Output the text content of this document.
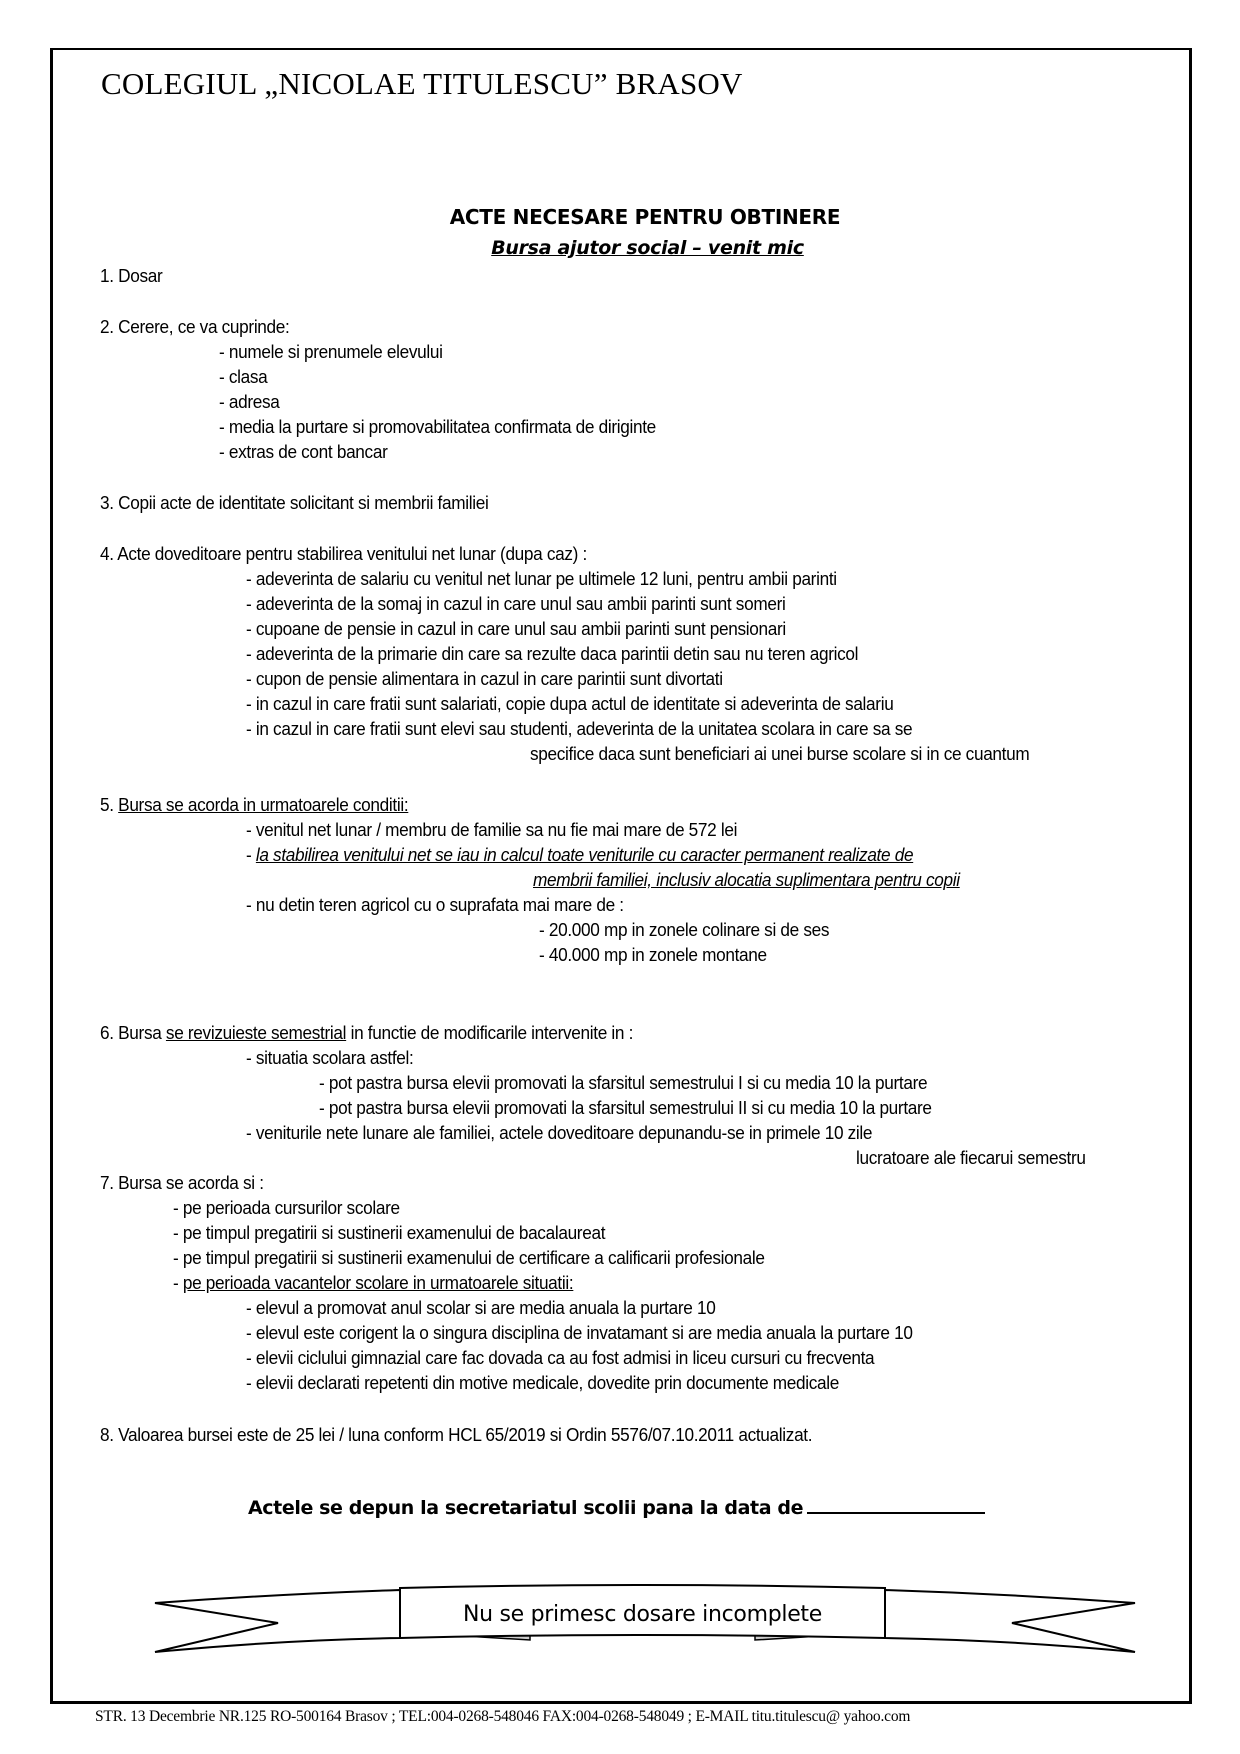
COLEGIUL „NICOLAE TITULESCU” BRASOV
ACTE NECESARE PENTRU OBTINERE
Bursa ajutor social – venit mic
1. Dosar
2. Cerere, ce va cuprinde:
- numele si prenumele elevului
- clasa
- adresa
- media la purtare si promovabilitatea confirmata de diriginte
- extras de cont bancar
3. Copii acte de identitate solicitant si membrii familiei
4. Acte doveditoare pentru stabilirea venitului net lunar (dupa caz) :
- adeverinta de salariu cu venitul net lunar pe ultimele 12 luni, pentru ambii parinti
- adeverinta de la somaj in cazul in care unul sau ambii parinti sunt someri
- cupoane de pensie in cazul in care unul sau ambii parinti sunt pensionari
- adeverinta de la primarie din care sa rezulte daca parintii detin sau nu teren agricol
- cupon de pensie alimentara in cazul in care parintii sunt divortati
- in cazul in care fratii sunt salariati, copie dupa actul de identitate si adeverinta de salariu
- in cazul in care fratii sunt elevi sau studenti, adeverinta de la unitatea scolara in care sa se
specifice daca sunt beneficiari ai unei burse scolare si in ce cuantum
5. Bursa se acorda in urmatoarele conditii:
- venitul net lunar / membru de familie sa nu fie mai mare de 572 lei
- la stabilirea venitului net se iau in calcul toate veniturile cu caracter permanent realizate de
membrii familiei, inclusiv alocatia suplimentara pentru copii
- nu detin teren agricol cu o suprafata mai mare de :
- 20.000 mp in zonele colinare si de ses
- 40.000 mp in zonele montane
6. Bursa se revizuieste semestrial in functie de modificarile intervenite in :
- situatia scolara astfel:
- pot pastra bursa elevii promovati la sfarsitul semestrului I si cu media 10 la purtare
- pot pastra bursa elevii promovati la sfarsitul semestrului II si cu media 10 la purtare
- veniturile nete lunare ale familiei, actele doveditoare depunandu-se in primele 10 zile
lucratoare ale fiecarui semestru
7. Bursa se acorda si :
- pe perioada cursurilor scolare
- pe timpul pregatirii si sustinerii examenului de bacalaureat
- pe timpul pregatirii si sustinerii examenului de certificare a calificarii profesionale
- pe perioada vacantelor scolare in urmatoarele situatii:
- elevul a promovat anul scolar si are media anuala la purtare 10
- elevul este corigent la o singura disciplina de invatamant si are media anuala la purtare 10
- elevii ciclului gimnazial care fac dovada ca au fost admisi in liceu cursuri cu frecventa
- elevii declarati repetenti din motive medicale, dovedite prin documente medicale
8. Valoarea bursei este de 25 lei / luna conform HCL 65/2019 si Ordin 5576/07.10.2011 actualizat.
Actele se depun la secretariatul scolii pana la data de
Nu se primesc dosare incomplete
STR. 13 Decembrie NR.125 RO-500164 Brasov ; TEL:004-0268-548046 FAX:004-0268-548049 ; E-MAIL titu.titulescu@ yahoo.com
